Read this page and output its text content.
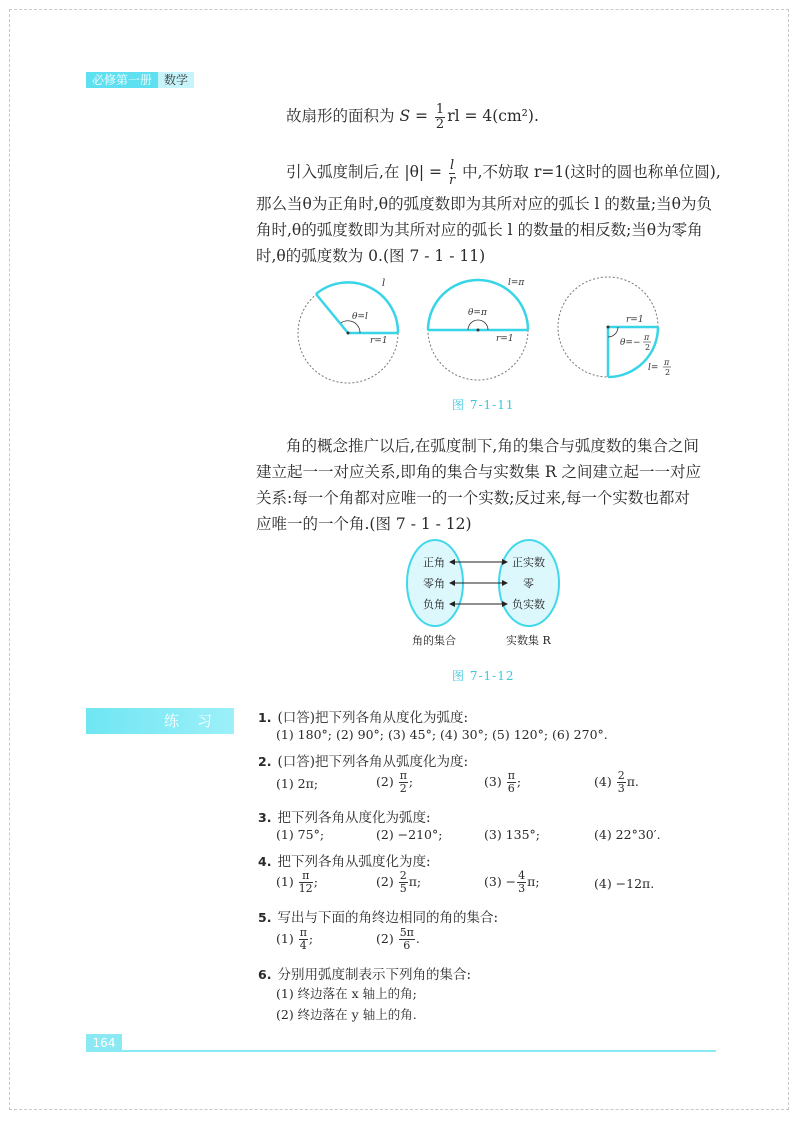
必修第一册	数学
故扇形的面积为 $S = \frac{1}{2}$ rl = 4(cm²).
引入弧度制后,在 $|\theta| = \frac{l}{r}$ 中,不妨取 r=1(这时的圆也称单位圆),
那么当θ为正角时,θ的弧度数即为其所对应的弧长 l 的数量;当θ为负
角时,θ的弧度数即为其所对应的弧长 l 的数量的相反数;当θ为零角
时,θ的弧度数为 0.(图 7 - 1 - 11)
l
θ=l
r=1
l=π
θ=π
r=1
r=1
θ=−
π
2
l=
π
2
图 7-1-11
角的概念推广以后,在弧度制下,角的集合与弧度数的集合之间
建立起一一对应关系,即角的集合与实数集 R 之间建立起一一对应
关系:每一个角都对应唯一的一个实数;反过来,每一个实数也都对
应唯一的一个角.(图 7 - 1 - 12)
正角
零角
负角
正实数
零
负实数
角的集合	实数集 R
图 7-1-12
练习	1. (口答)把下列各角从度化为弧度:
(1) 180°; (2) 90°; (3) 45°; (4) 30°; (5) 120°; (6) 270°.
2. (口答)把下列各角从弧度化为度:
(1) 2π;	$(2) \frac{\pi}{2}$ ;	$(3) \frac{\pi}{6}$ ;	$(4) \frac{2}{3} \pi$.
3. 把下列各角从度化为弧度:
(1) 75°;	(2) −210°;	(3) 135°;	(4) 22°30′.
4. 把下列各角从弧度化为度:
$(1) \frac{\pi}{12}$ ;	$(2) \frac{2}{5} \pi$;	$(3) - \frac{4}{3} \pi$;	(4) −12π.
5. 写出与下面的角终边相同的角的集合:
$(1) \frac{\pi}{4}$ ;	$(2) \frac{5\pi}{6}$ .
6. 分别用弧度制表示下列角的集合:
(1) 终边落在 x 轴上的角;
(2) 终边落在 y 轴上的角.
164
